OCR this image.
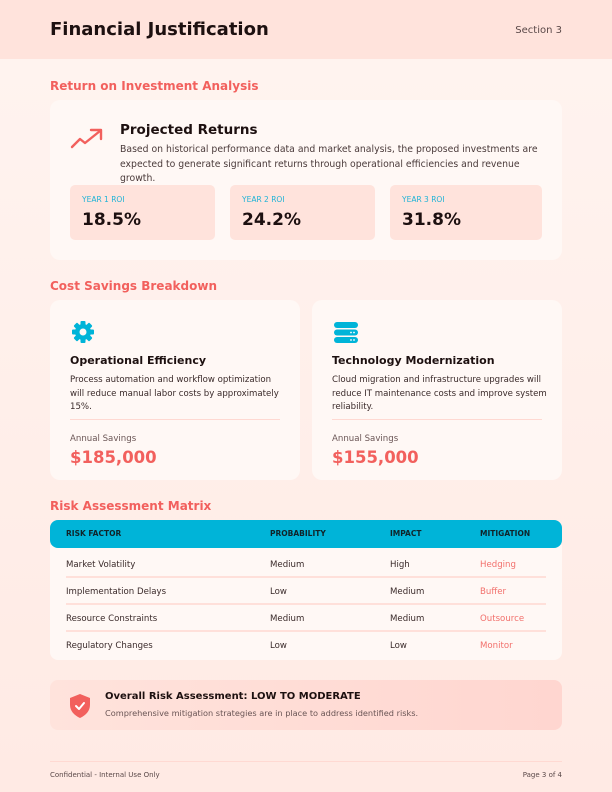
Financial Justification	Section 3
Return on Investment Analysis
Projected Returns
Based on historical performance data and market analysis, the proposed investments are expected to generate significant returns through operational efficiencies and revenue growth.
YEAR 1 ROI
18.5%
YEAR 2 ROI
24.2%
YEAR 3 ROI
31.8%
Cost Savings Breakdown
Operational Efficiency
Process automation and workflow optimization will reduce manual labor costs by approximately 15%.
Annual Savings
$185,000
Technology Modernization
Cloud migration and infrastructure upgrades will reduce IT maintenance costs and improve system reliability.
Annual Savings
$155,000
Risk Assessment Matrix
Market Volatility	Medium	High	Hedging
Implementation Delays	Low	Medium	Buffer
Resource Constraints	Medium	Medium	Outsource
Regulatory Changes	Low	Low	Monitor
RISK FACTOR	PROBABILITY	IMPACT	MITIGATION
Overall Risk Assessment: LOW TO MODERATE
Comprehensive mitigation strategies are in place to address identified risks.
Confidential - Internal Use Only	Page 3 of 4
